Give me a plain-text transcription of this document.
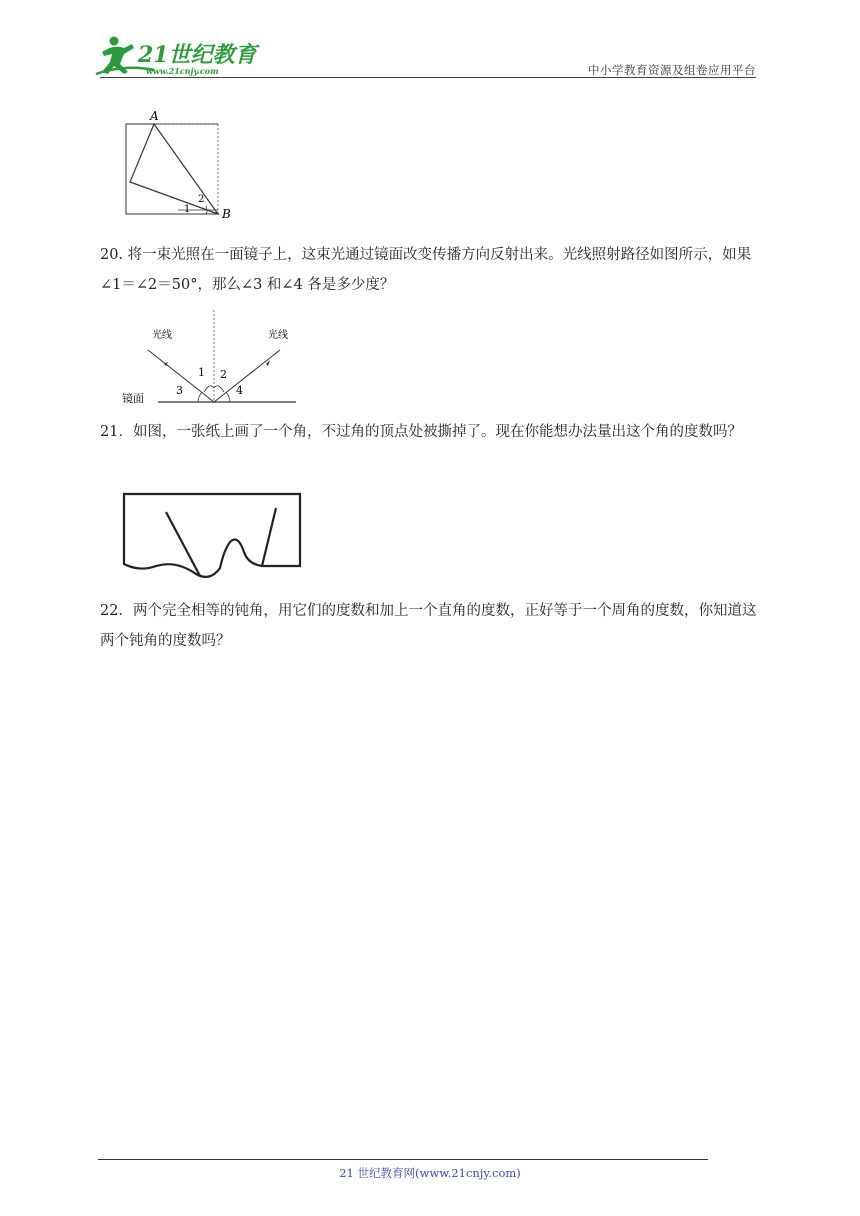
21世纪教育
www.21cnjy.com	中小学教育资源及组卷应用平台
A
B
1
2
20. 将一束光照在一面镜子上，这束光通过镜面改变传播方向反射出来。光线照射路径如图所示，如果∠1＝∠2＝50°，那么∠3 和∠4 各是多少度？
光线	光线
镜面
1 2
3	4
21．如图，一张纸上画了一个角，不过角的顶点处被撕掉了。现在你能想办法量出这个角的度数吗？
22．两个完全相等的钝角，用它们的度数和加上一个直角的度数，正好等于一个周角的度数，你知道这两个钝角的度数吗？
21 世纪教育网(www.21cnjy.com)
